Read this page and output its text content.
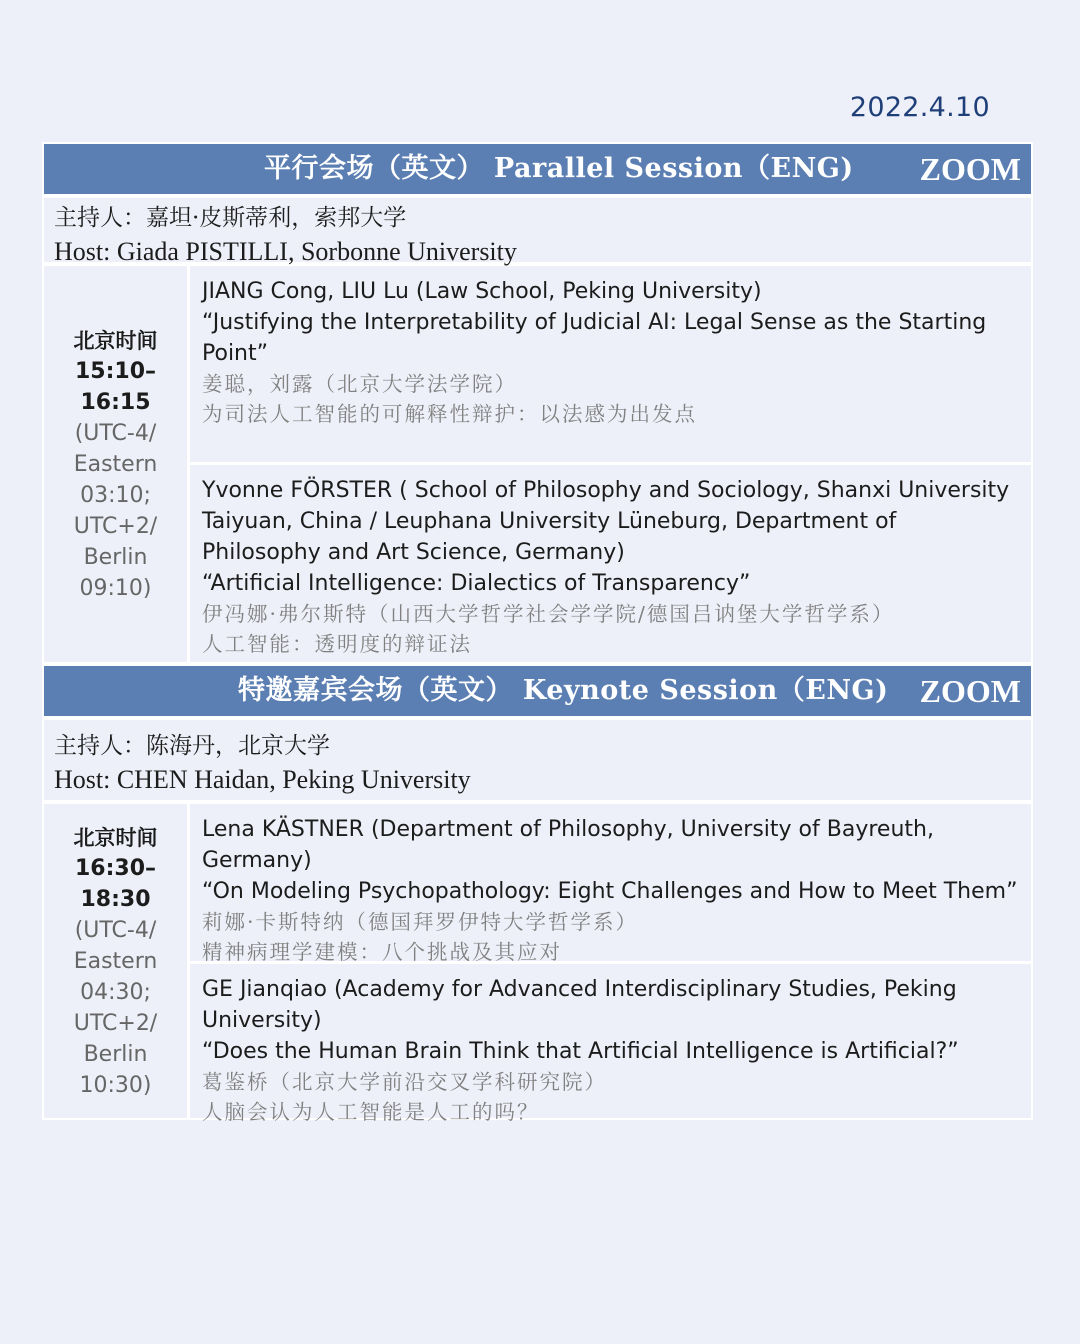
2022.4.10
平行会场（英文） Parallel Session（ENG) ZOOM
主持人：嘉坦·皮斯蒂利，索邦大学
Host: Giada PISTILLI, Sorbonne University
北京时间
15:10–
16:15
(UTC-4/
Eastern
03:10;
UTC+2/
Berlin
09:10)
JIANG Cong, LIU Lu (Law School, Peking University)
“Justifying the Interpretability of Judicial AI: Legal Sense as the Starting Point”
姜聪，刘露（北京大学法学院）
为司法人工智能的可解释性辩护：以法感为出发点
Yvonne FÖRSTER ( School of Philosophy and Sociology, Shanxi University Taiyuan, China / Leuphana University Lüneburg, Department of Philosophy and Art Science, Germany)
“Artificial Intelligence: Dialectics of Transparency”
伊冯娜·弗尔斯特（山西大学哲学社会学学院/德国吕讷堡大学哲学系）
人工智能：透明度的辩证法
特邀嘉宾会场（英文） Keynote Session（ENG) ZOOM
主持人：陈海丹，北京大学
Host: CHEN Haidan, Peking University
北京时间
16:30–
18:30
(UTC-4/
Eastern
04:30;
UTC+2/
Berlin
10:30)
Lena KÄSTNER (Department of Philosophy, University of Bayreuth, Germany)
“On Modeling Psychopathology: Eight Challenges and How to Meet Them”
莉娜·卡斯特纳（德国拜罗伊特大学哲学系）
精神病理学建模：八个挑战及其应对
GE Jianqiao (Academy for Advanced Interdisciplinary Studies, Peking University)
“Does the Human Brain Think that Artificial Intelligence is Artificial?”
葛鉴桥（北京大学前沿交叉学科研究院）
人脑会认为人工智能是人工的吗？
